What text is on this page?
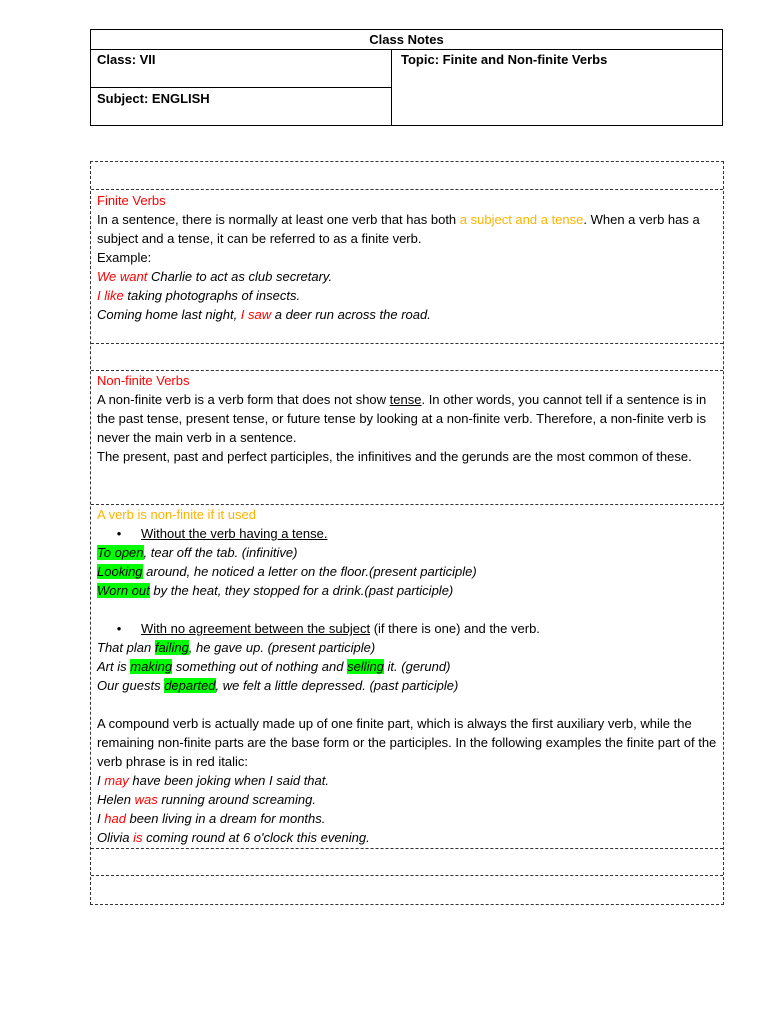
Class Notes
Class: VII
Subject: ENGLISH
Topic: Finite and Non-finite Verbs

Finite Verbs

In a sentence, there is normally at least one verb that has both a subject and a tense. When a verb has a subject and a tense, it can be referred to as a finite verb.

Example:

We want Charlie to act as club secretary.

I like taking photographs of insects.

Coming home last night, I saw a deer run across the road.

Non-finite Verbs

A non-finite verb is a verb form that does not show tense. In other words, you cannot tell if a sentence is in the past tense, present tense, or future tense by looking at a non-finite verb. Therefore, a non-finite verb is never the main verb in a sentence.

The present, past and perfect participles, the infinitives and the gerunds are the most common of these.

A verb is non-finite if it used

• Without the verb having a tense.

To open, tear off the tab. (infinitive)

Looking around, he noticed a letter on the floor.(present participle)

Worn out by the heat, they stopped for a drink.(past participle)

• With no agreement between the subject (if there is one) and the verb.

That plan failing, he gave up. (present participle)

Art is making something out of nothing and selling it. (gerund)

Our guests departed, we felt a little depressed. (past participle)

A compound verb is actually made up of one finite part, which is always the first auxiliary verb, while the remaining non-finite parts are the base form or the participles. In the following examples the finite part of the verb phrase is in red italic:

I may have been joking when I said that.

Helen was running around screaming.

I had been living in a dream for months.

Olivia is coming round at 6 o'clock this evening.
